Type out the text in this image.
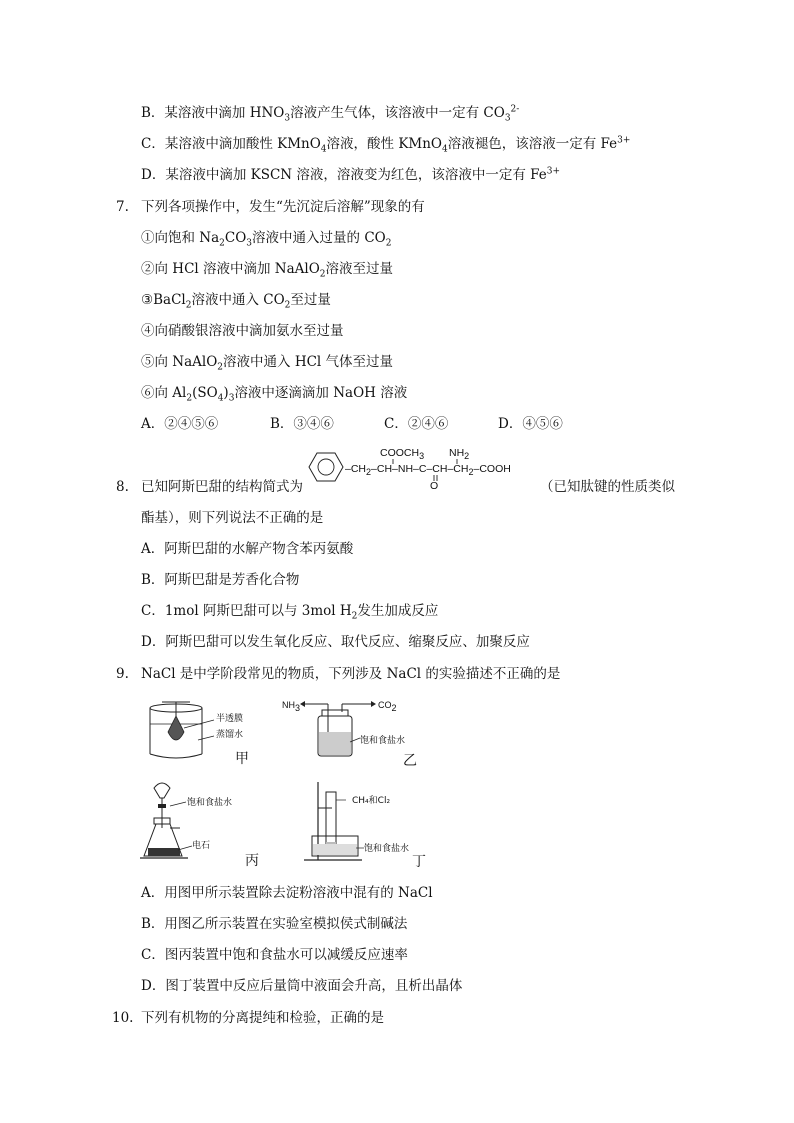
B．某溶液中滴加 $HNO_3$溶液产生气体，该溶液中一定有 $CO_3^{2-}$
C．某溶液中滴加酸性 KMnO$_4$溶液，酸性 KMnO$_4$溶液褪色，该溶液一定有 $Fe^{3+}$
D．某溶液中滴加 KSCN 溶液，溶液变为红色，该溶液中一定有 $Fe^{3+}$
7. 下列各项操作中，发生“先沉淀后溶解”现象的有
①向饱和 $Na_2CO_3$溶液中通入过量的 $CO_2$
②向 HCl 溶液中滴加 NaAlO$_2$溶液至过量
③BaCl$_2$溶液中通入 $CO_2$至过量
④向硝酸银溶液中滴加氨水至过量
⑤向 NaAlO$_2$溶液中通入 HCl 气体至过量
⑥向 $Al_2(SO_4)_3$溶液中逐滴滴加 NaOH 溶液
A．②④⑤⑥	B．③④⑥	C．②④⑥	D．④⑤⑥
8. 已知阿斯巴甜的结构简式为
$‒CH_2‒CH‒NH‒C‒CH‒CH_2‒COOH$
$COOCH_3$ $NH_2$
O	（已知肽键的性质类似
酯基），则下列说法不正确的是
A．阿斯巴甜的水解产物含苯丙氨酸
B．阿斯巴甜是芳香化合物
C．1mol 阿斯巴甜可以与 3mol $H_2$发生加成反应
D．阿斯巴甜可以发生氧化反应、取代反应、缩聚反应、加聚反应
9. NaCl 是中学阶段常见的物质，下列涉及 NaCl 的实验描述不正确的是
半透膜
蒸馏水
甲
$NH_3$	$CO_2$
饱和食盐水
乙
饱和食盐水
电石
丙
CH₄和Cl₂
饱和食盐水
丁
A．用图甲所示装置除去淀粉溶液中混有的 NaCl
B．用图乙所示装置在实验室模拟侯式制碱法
C．图丙装置中饱和食盐水可以减缓反应速率
D．图丁装置中反应后量筒中液面会升高，且析出晶体
10. 下列有机物的分离提纯和检验，正确的是
